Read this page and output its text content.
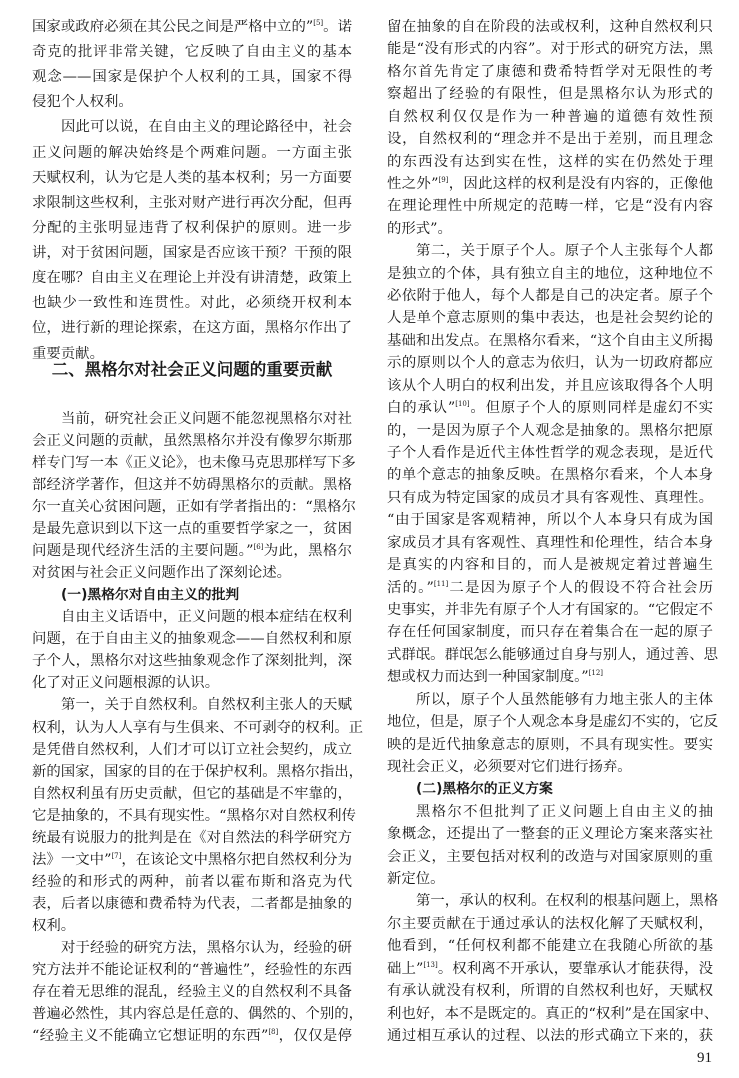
国家或政府必须在其公民之间是严格中立的”[5]。诺
奇克的批评非常关键，它反映了自由主义的基本
观念——国家是保护个人权利的工具，国家不得
侵犯个人权利。
因此可以说，在自由主义的理论路径中，社会
正义问题的解决始终是个两难问题。一方面主张
天赋权利，认为它是人类的基本权利；另一方面要
求限制这些权利，主张对财产进行再次分配，但再
分配的主张明显违背了权利保护的原则。进一步
讲，对于贫困问题，国家是否应该干预？干预的限
度在哪？自由主义在理论上并没有讲清楚，政策上
也缺少一致性和连贯性。对此，必须绕开权利本
位，进行新的理论探索，在这方面，黑格尔作出了
重要贡献。
二、黑格尔对社会正义问题的重要贡献
当前，研究社会正义问题不能忽视黑格尔对社
会正义问题的贡献，虽然黑格尔并没有像罗尔斯那
样专门写一本《正义论》，也未像马克思那样写下多
部经济学著作，但这并不妨碍黑格尔的贡献。黑格
尔一直关心贫困问题，正如有学者指出的：“黑格尔
是最先意识到以下这一点的重要哲学家之一，贫困
问题是现代经济生活的主要问题。”[6]为此，黑格尔
对贫困与社会正义问题作出了深刻论述。
(一)黑格尔对自由主义的批判
自由主义话语中，正义问题的根本症结在权利
问题，在于自由主义的抽象观念——自然权利和原
子个人，黑格尔对这些抽象观念作了深刻批判，深
化了对正义问题根源的认识。
第一，关于自然权利。自然权利主张人的天赋
权利，认为人人享有与生俱来、不可剥夺的权利。正
是凭借自然权利，人们才可以订立社会契约，成立
新的国家，国家的目的在于保护权利。黑格尔指出，
自然权利虽有历史贡献，但它的基础是不牢靠的，
它是抽象的，不具有现实性。“黑格尔对自然权利传
统最有说服力的批判是在《对自然法的科学研究方
法》一文中”[7]，在该论文中黑格尔把自然权利分为
经验的和形式的两种，前者以霍布斯和洛克为代
表，后者以康德和费希特为代表，二者都是抽象的
权利。
对于经验的研究方法，黑格尔认为，经验的研
究方法并不能论证权利的“普遍性”，经验性的东西
存在着无思维的混乱，经验主义的自然权利不具备
普遍必然性，其内容总是任意的、偶然的、个别的，
“经验主义不能确立它想证明的东西”[8]，仅仅是停
留在抽象的自在阶段的法或权利，这种自然权利只
能是“没有形式的内容”。对于形式的研究方法，黑
格尔首先肯定了康德和费希特哲学对无限性的考
察超出了经验的有限性，但是黑格尔认为形式的
自然权利仅仅是作为一种普遍的道德有效性预
设，自然权利的“理念并不是出于差别，而且理念
的东西没有达到实在性，这样的实在仍然处于理
性之外”[9]，因此这样的权利是没有内容的，正像他
在理论理性中所规定的范畴一样，它是“没有内容
的形式”。
第二，关于原子个人。原子个人主张每个人都
是独立的个体，具有独立自主的地位，这种地位不
必依附于他人，每个人都是自己的决定者。原子个
人是单个意志原则的集中表达，也是社会契约论的
基础和出发点。在黑格尔看来，“这个自由主义所揭
示的原则以个人的意志为依归，认为一切政府都应
该从个人明白的权利出发，并且应该取得各个人明
白的承认”[10]。但原子个人的原则同样是虚幻不实
的，一是因为原子个人观念是抽象的。黑格尔把原
子个人看作是近代主体性哲学的观念表现，是近代
的单个意志的抽象反映。在黑格尔看来，个人本身
只有成为特定国家的成员才具有客观性、真理性。
“由于国家是客观精神，所以个人本身只有成为国
家成员才具有客观性、真理性和伦理性，结合本身
是真实的内容和目的，而人是被规定着过普遍生
活的。”[11]二是因为原子个人的假设不符合社会历
史事实，并非先有原子个人才有国家的。“它假定不
存在任何国家制度，而只存在着集合在一起的原子
式群氓。群氓怎么能够通过自身与别人，通过善、思
想或权力而达到一种国家制度。”[12]
所以，原子个人虽然能够有力地主张人的主体
地位，但是，原子个人观念本身是虚幻不实的，它反
映的是近代抽象意志的原则，不具有现实性。要实
现社会正义，必须要对它们进行扬弃。
(二)黑格尔的正义方案
黑格尔不但批判了正义问题上自由主义的抽
象概念，还提出了一整套的正义理论方案来落实社
会正义，主要包括对权利的改造与对国家原则的重
新定位。
第一，承认的权利。在权利的根基问题上，黑格
尔主要贡献在于通过承认的法权化解了天赋权利，
他看到，“任何权利都不能建立在我随心所欲的基
础上”[13]。权利离不开承认，要靠承认才能获得，没
有承认就没有权利，所谓的自然权利也好，天赋权
利也好，本不是既定的。真正的“权利”是在国家中、
通过相互承认的过程、以法的形式确立下来的，获
91
